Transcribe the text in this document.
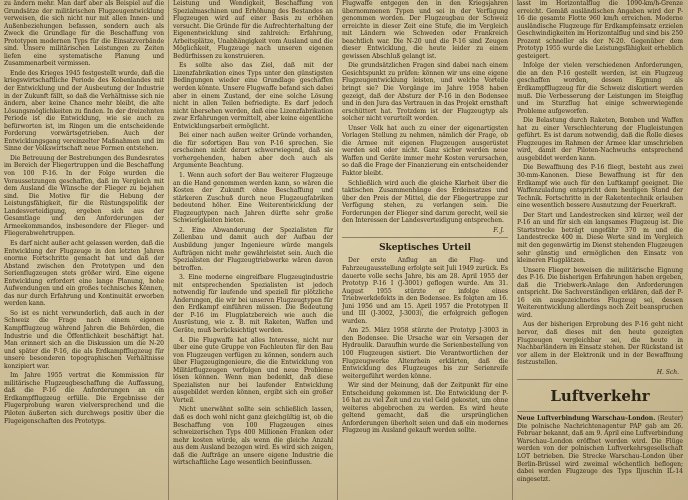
zu ändern mehr. Man darf aber als Beispiel auf die Grundsätze der militärischen Flugzeugentwicklung verweisen, die sich nicht nur mit allen Innen- und Außenbeziehungen befassen, sondern auch als Zweck die Grundlage für die Beschaffung von Prototypen modernen Typs für die Einsatzverbände sind. Unsere militärischen Leistungen zu Zeiten liefen eine systematische Planung und Zusammenarbeit vermissen.

Ende des Krieges 1945 festgestellt wurde, daß die kriegswirtschaftliche Periode des Kobenlandes mit der Entwicklung und der Ausbeutung der Industrie in der Zukunft fällt, so daß die Verhältnisse sich nie ändern, aber keine Chance mehr bleibt, die alte Lösungsmöglichkeiten zu finden. In der dreizehnten Periode ist die Entwicklung, wie sie auch zu befürworten ist, im Ringen um die entscheidende Forderung vorwärtsgetrieben. Auch der Entwicklungsgang vereinzelter Maßnahmen und im Sinne der Volkswirtschaft neue Formen entstehen.

Die Betreuung der Bestrebungen des Bundesrates im Bereich der Fliegertruppen und die Beschaffung von 100 P-16. In der Folge wurden die Voraussetzungen geschaffen, daß im Vergleich mit dem Ausland die Wünsche der Flieger zu bejahen sind. Die Motive für die Hebung der Leistungsfähigkeit, für die Rüstungspolitik der Landesverteidigung, ergeben sich aus der Gesamtlage und den Anforderungen der Armeekommandos, insbesondere der Flieger- und Fliegerabwehrtruppen.

Es darf nicht außer acht gelassen werden, daß die Entwicklung der Flugzeuge in den letzten Jahren enorme Fortschritte gemacht hat und daß der Abstand zwischen den Prototypen und den Serienflugzeugen stets größer wird. Eine eigene Entwicklung erfordert eine lange Planung, hohe Aufwendungen und ein großes technisches Können, das nur durch Erfahrung und Kontinuität erworben werden kann.

So ist es nicht verwunderlich, daß auch in der Schweiz die Frage nach einem eigenen Kampfflugzeug während Jahren die Behörden, die Industrie und die Öffentlichkeit beschäftigt hat. Man erinnert sich an die Diskussion um die N-20 und später die P-16, die als Erdkampfflugzeug für unsere besonderen topographischen Verhältnisse konzipiert war.

Im Jahre 1955 vertrat die Kommission für militärische Flugzeugbeschaffung die Auffassung, daß die P-16 die Anforderungen an ein Erdkampfflugzeug erfülle. Die Ergebnisse der Flugerprobung waren vielversprechend und die Piloten äußerten sich durchwegs positiv über die Flugeigenschaften des Prototyps.

Leistung und Wendigkeit, Beschaffung von Spezialmaschinen und Erhöhung des Bestandes an Flugzeugen wird auf einer Basis zu erhöhen versucht. Die Gründe für die Aufrechterhaltung der Eigenentwicklung sind zahlreich: Erfahrung, Arbeitsplätze, Unabhängigkeit vom Ausland und die Möglichkeit, Flugzeuge nach unseren eigenen Bedürfnissen zu konstruieren.

Es sollte also das Ziel, daß mit der Lizenzfabrikation eines Typs unter den günstigsten Bedingungen wieder eine Grundlage geschaffen werden könnte. Unsere Flugwaffe befand sich dabei aber in einem Zustand, der eine solche Lösung nicht in allen Teilen befriedigte. Es darf jedoch nicht übersehen werden, daß eine Lizenzfabrikation zwar Erfahrungen vermittelt, aber keine eigentliche Entwicklungsarbeit ermöglicht.

Bei einer nach außen weiter Gründe vorhanden, die für sofortigen Bau von P-16 sprechen. Sie erscheinen nicht derart schwerwiegend, daß sie vorhergehenden, haben aber doch auch als Argumente Beachtung.

1. Wenn auch sofort der Bau weiterer Flugzeuge an die Hand genommen werden kann, so wären die Kosten der Zukunft ohne Beschaffung und stärkeren Zuschuß durch neue Flugzeugfabriken bedeutend höher. Eine Weiterentwicklung der Flugzeugtypen nach Jahren dürfte sehr große Schwierigkeiten bieten.

2. Eine Abwanderung der Spezialisten für Zellenbau und damit auch der Aufbau der Ausbildung junger Ingenieure würde mangels Aufträgen nicht mehr gewährleistet sein. Auch die Spezialisten der Flugzeugtriebwerke wären davon betroffen.

3. Eine moderne eingreifbare Flugzeugindustrie mit entsprechenden Spezialisten ist jedoch notwendig für laufende und speziell für plötzliche Änderungen, die wir bei unseren Flugzeugtypen für den Erdkampf einführen müssen. Die Bedeutung der P-16 im Flugplatzbereich wie auch die Ausrüstung, wie z. B. mit Raketen, Waffen und Geräte, muß berücksichtigt werden.

4. Die Flugwaffe hat alles Interesse, nicht nur über eine gute Gruppe von Fachleuten für den Bau von Flugzeugen verfügen zu können, sondern auch über Flugzeugingenieure, die die Entwicklung von Militärflugzeugen verfolgen und neue Probleme lösen können. Wenn man bedenkt, daß diese Spezialisten nur bei laufender Entwicklung ausgebildet werden können, ergibt sich ein großer Vorteil.

Nicht unerwähnt sollte sein schließlich lassen, daß es doch wohl nicht ganz gleichgültig ist, ob die Beschaffung von 100 Flugzeugen eines schweizerischen Typs 400 Millionen Franken oder mehr kosten würde, als wenn die gleiche Anzahl aus dem Ausland bezogen wird. Es wird sich zeigen, daß die Aufträge an unsere eigene Industrie die wirtschaftliche Lage wesentlich beeinflussen.

Flugwaffe entgegen den in den Kriegsjahren übernommenen Typen und sei in der Verfügung genommen worden. Der Flugzeugbau der Schweiz erreichte in dieser Zeit eine Stufe, die im Vergleich mit Ländern wie Schweden oder Frankreich beachtlich war. Die N-20 und die P-16 sind Zeugen dieser Entwicklung, die heute leider zu einem gewissen Abschluß gelangt ist.

Die grundsätzlichen Fragen sind dabei nach einem Gesichtspunkt zu prüfen: können wir uns eine eigene Flugzeugentwicklung leisten, und welche Vorteile bringt sie? Die Vorgänge im Jahre 1958 haben gezeigt, daß der Absturz der P-16 in den Bodensee und in den Jura das Vertrauen in das Projekt ernsthaft erschüttert hat. Trotzdem ist der Flugzeugtyp als solcher nicht verurteilt worden.

Unser Volk hat auch zu einer der eigenartigsten Vorlagen Stellung zu nehmen, nämlich der Frage, ob die Armee mit eigenen Flugzeugen ausgerüstet werden soll oder nicht. Ganz sicher werden neue Waffen und Geräte immer mehr Kosten verursachen, so daß die Frage der Finanzierung ein entscheidender Faktor bleibt.

Schließlich wird auch die gleiche Klarheit über die taktischen Zusammenhänge des Erdeinsatzes und über den Preis der Mittel, die der Fliegertruppe zur Verfügung stehen, zu verlangen sein. Die Forderungen der Flieger sind darum gerecht, weil sie den Interessen der Landesverteidigung entsprechen.

F. J.
Skeptisches Urteil

Der erste Anflug an die Flug- und Fahrzeugausstellung erfolgte seit Juli 1949 zurück. Es dauerte volle sechs Jahre, bis am 28. April 1955 der Prototyp P-16 I (J-3001) geflogen wurde. Am 31. August 1955 stürzte er infolge eines Triebwerkdefekts in den Bodensee. Es folgten am 16. Juni 1956 und am 15. April 1957 die Prototypen II und III (J-3002, J-3003), die erfolgreich geflogen wurden.

Am 25. März 1958 stürzte der Prototyp J-3003 in den Bodensee. Die Ursache war ein Versagen der Hydraulik. Daraufhin wurde die Serienbestellung von 100 Flugzeugen sistiert. Die Verantwortlichen der Flugzeugwerke Altenrhein erklärten, daß die Entwicklung des Flugzeuges bis zur Serienreife weitergeführt werden könne.

Wir sind der Meinung, daß der Zeitpunkt für eine Entscheidung gekommen ist. Die Entwicklung der P-16 hat zu viel Zeit und zu viel Geld gekostet, um ohne weiteres abgebrochen zu werden. Es wird heute geltend gemacht, daß die ursprünglichen Anforderungen überholt seien und daß ein modernes Flugzeug im Ausland gekauft werden sollte.

lasst im Horizontalflug die 1090-km/h-Grenze erreicht. Gemäß ausländischen Angaben wird der P-16 die gesamte Flotte 960 km/h erreichen. Moderne ausländische Flugzeuge für Erdkampfeinsatz erzielen Geschwindigkeiten im Horizontalflug und sind bis 250 Prozent schneller als der N-20. Gegenüber dem Prototyp 1955 wurde die Leistungsfähigkeit erheblich gesteigert.

Infolge der vielen verschiedenen Anforderungen, die an den P-16 gestellt werden, ist ein Flugzeug geschaffen worden, dessen Eignung als Erdkampfflugzeug für die Schweiz diskutiert werden muß. Die Verbesserung der Leistungen im Steigflug und im Sturzflug hat einige schwerwiegende Probleme aufgeworfen.

Die Belastung durch Raketen, Bomben und Waffen hat zu einer Verschlechterung der Flugleistungen geführt. Es ist darum notwendig, daß die Rolle dieses Flugzeuges im Rahmen der Armee klar umschrieben wird, damit der Piloten-Nachwuchs entsprechend ausgebildet werden kann.

Die Bewaffnung des P-16 fliegt, besteht aus zwei 30-mm-Kanonen. Diese Bewaffnung ist für den Erdkampf wie auch für den Luftkampf geeignet. Die Waffenzuladung entspricht dem heutigen Stand der Technik. Fortschritte in der Raketentechnik erlauben eine wesentlich bessere Ausnutzung der Feuerkraft.

Der Start und Landestrecken sind kürzer, weil der P-16 an und für sich ein langsames Flugzeug ist. Die Startstrecke beträgt ungefähr 370 m und die Landestrecke 400 m. Diese Werte sind im Vergleich mit den gegenwärtig im Dienst stehenden Flugzeugen sehr günstig und ermöglichen den Einsatz von kleineren Flugplätzen.

Unsere Flieger beweisen die militärische Eignung des P-16. Die bisherigen Erfahrungen haben ergeben, daß die Triebwerk-Anlage den Anforderungen entspricht. Die Sachverständigen erklären, daß der P-16 ein ausgezeichnetes Flugzeug sei, dessen Weiterentwicklung allerdings noch Zeit beanspruchen wird.

Aus der bisherigen Erprobung des P-16 geht nicht hervor, daß dieses mit den heute gezeigten Flugzeugen vergleichbar sei, die heute in Nachbarländern im Einsatz stehen. Der Rückstand ist vor allem in der Elektronik und in der Bewaffnung festzustellen.

H. Sch.
Luftverkehr

Neue Luftverbindung Warschau–London. (Reuter) Die polnische Nachrichtenagentur PAP gab am 26. Februar bekannt, daß am 9. April eine Luftverbindung Warschau–London eröffnet werden wird. Die Flüge werden von der polnischen Luftverkehrsgesellschaft LOT betrieben. Die Strecke Warschau–London über Berlin-Brüssel wird zweimal wöchentlich beflogen; dabei werden Flugzeuge des Typs Iljuschin IL-14 eingesetzt.
